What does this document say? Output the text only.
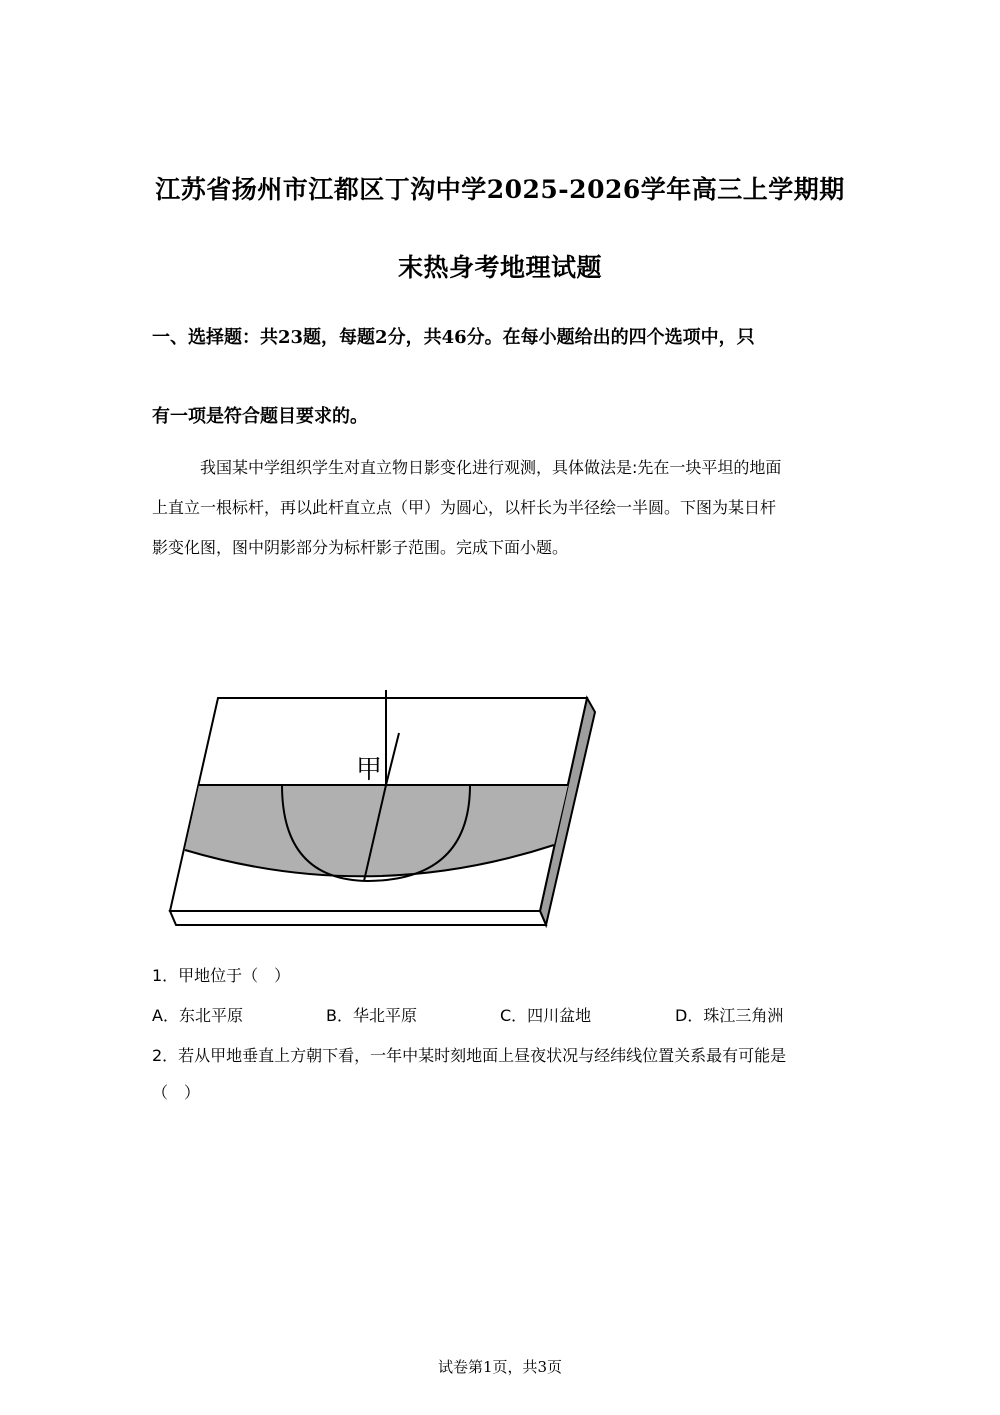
江苏省扬州市江都区丁沟中学2025-2026学年高三上学期期
末热身考地理试题
一、选择题：共23题，每题2分，共46分。在每小题给出的四个选项中，只
有一项是符合题目要求的。
我国某中学组织学生对直立物日影变化进行观测，具体做法是:先在一块平坦的地面
上直立一根标杆，再以此杆直立点（甲）为圆心，以杆长为半径绘一半圆。下图为某日杆
影变化图，图中阴影部分为标杆影子范围。完成下面小题。
甲
1．甲地位于（　）
A．东北平原	B．华北平原	C．四川盆地	D．珠江三角洲
2．若从甲地垂直上方朝下看，一年中某时刻地面上昼夜状况与经纬线位置关系最有可能是
（　）
试卷第1页，共3页
